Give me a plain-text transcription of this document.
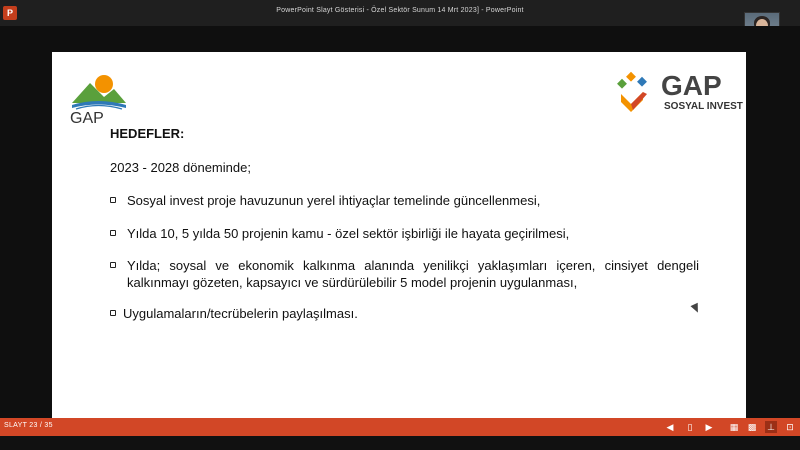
P	PowerPoint Slayt Gösterisi - Özel Sektör Sunum 14 Mrt 2023] - PowerPoint
GAP
GAP
SOSYAL INVEST
HEDEFLER:
2023 - 2028 döneminde;
Sosyal invest proje havuzunun yerel ihtiyaçlar temelinde güncellenmesi,
Yılda 10, 5 yılda 50 projenin kamu - özel sektör işbirliği ile hayata geçirilmesi,
Yılda; soysal ve ekonomik kalkınma alanında yenilikçi yaklaşımları içeren, cinsiyet dengeli kalkınmayı gözeten, kapsayıcı ve sürdürülebilir 5 model projenin uygulanması,
Uygulamaların/tecrübelerin paylaşılması.
SLAYT 23 / 35	◀	▯	▶ ▦ ▩ ⊥ ⊡
